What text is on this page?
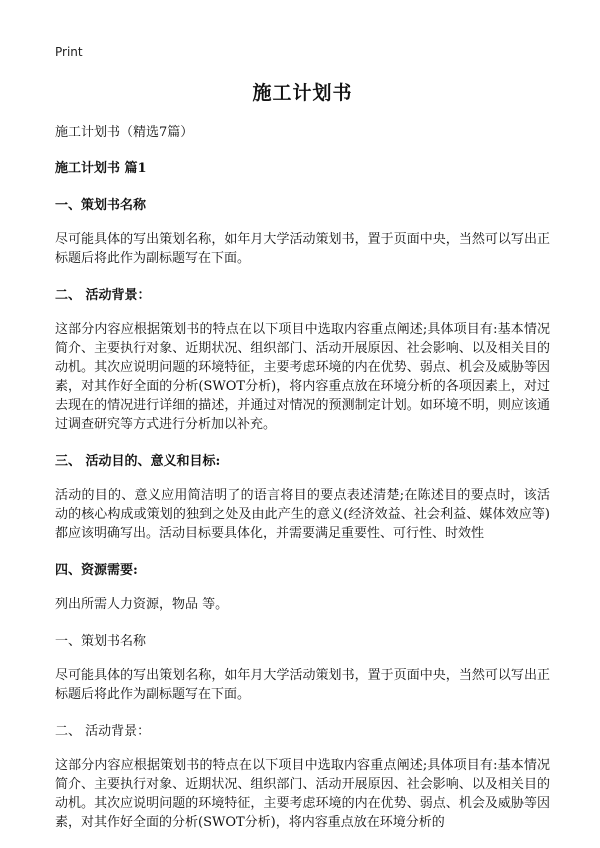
Print
施工计划书
施工计划书（精选7篇）
施工计划书 篇1
一、策划书名称
尽可能具体的写出策划名称，如年月大学活动策划书，置于页面中央，当然可以写出正标题后将此作为副标题写在下面。
二、 活动背景：
这部分内容应根据策划书的特点在以下项目中选取内容重点阐述;具体项目有:基本情况简介、主要执行对象、近期状况、组织部门、活动开展原因、社会影响、以及相关目的动机。其次应说明问题的环境特征，主要考虑环境的内在优势、弱点、机会及威胁等因素，对其作好全面的分析(SWOT分析)，将内容重点放在环境分析的各项因素上，对过去现在的情况进行详细的描述，并通过对情况的预测制定计划。如环境不明，则应该通过调查研究等方式进行分析加以补充。
三、 活动目的、意义和目标:
活动的目的、意义应用简洁明了的语言将目的要点表述清楚;在陈述目的要点时，该活动的核心构成或策划的独到之处及由此产生的意义(经济效益、社会利益、媒体效应等)都应该明确写出。活动目标要具体化，并需要满足重要性、可行性、时效性
四、资源需要:
列出所需人力资源，物品 等。
一、策划书名称
尽可能具体的写出策划名称，如年月大学活动策划书，置于页面中央，当然可以写出正标题后将此作为副标题写在下面。
二、 活动背景：
这部分内容应根据策划书的特点在以下项目中选取内容重点阐述;具体项目有:基本情况简介、主要执行对象、近期状况、组织部门、活动开展原因、社会影响、以及相关目的动机。其次应说明问题的环境特征，主要考虑环境的内在优势、弱点、机会及威胁等因素，对其作好全面的分析(SWOT分析)，将内容重点放在环境分析的
